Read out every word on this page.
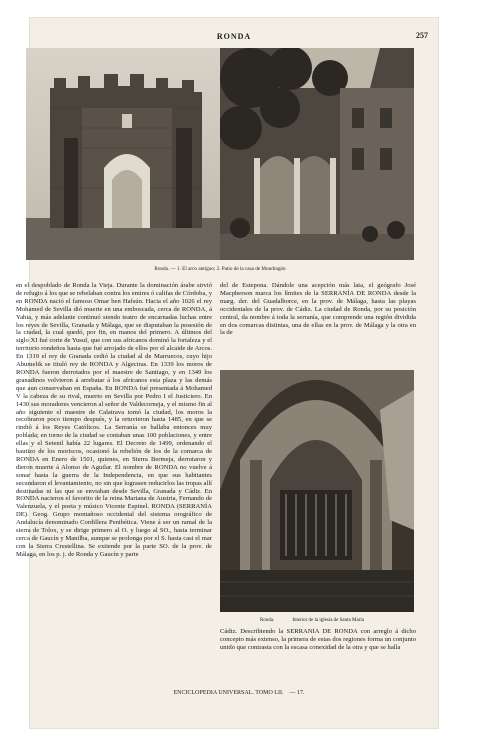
RONDA	257
Ronda. — 1. El arco antiguo; 2. Patio de la casa de Mondragón
Ronda.	Interior de la iglesia de Santa María
en el despoblado de Ronda la Vieja. Durante la dominación árabe sirvió de refugio á los que se rebelaban contra los emires ó califas de Córdoba, y en RONDA nació el famoso Omar ben Hafsún. Hacia el año 1026 el rey Mohamed de Sevilla dió muerte en una emboscada, cerca de RONDA, á Yahia, y más adelante continuó siendo teatro de encarnadas luchas entre los reyes de Sevilla, Granada y Málaga, que se disputaban la posesión de la ciudad, la cual quedó, por fin, en manos del primero. A últimos del siglo XI fué corte de Yusuf, que con sus africanos dominó la fortaleza y el territorio rondeños hasta que fué arrojado de ellos por el alcaide de Arcos. En 1319 el rey de Granada cedió la ciudad al de Marruecos, cuyo hijo Abumelik se tituló rey de RONDA y Algeciras. En 1339 los moros de RONDA fueron derrotados por el maestre de Santiago, y en 1349 los granadinos volvieron á arrebatar á los africanos esta plaza y las demás que aun conservaban en España. En RONDA fué presentada á Mohamed V la cabeza de su rival, muerto en Sevilla por Pedro I el Justiciero. En 1430 sus moradores vencieron al señor de Valdecorneja, y el mismo fin al año siguiente el maestre de Calatrava tomó la ciudad, los moros la recobraron poco tiempo después, y la retuvieron hasta 1485, en que se rindió á los Reyes Católicos. La Serranía se hallaba entonces muy poblada; en torno de la ciudad se contaban unas 100 poblaciones, y entre ellas y el Setenil había 22 lugares. El Decreto de 1499, ordenando el bautizo de los moriscos, ocasionó la rebelión de los de la comarca de RONDA en Enero de 1501, quienes, en Sierra Bermeja, derrotaron y dieron muerte á Alonso de Aguilar. El nombre de RONDA no vuelve á sonar hasta la guerra de la Independencia, en que sus habitantes secundaron el levantamiento, no sin que lograsen reducirlos las tropas allí destinadas ni las que se enviaban desde Sevilla, Granada y Cádiz. En RONDA nacieron el favorito de la reina Mariana de Austria, Fernando de Valenzuela, y el poeta y músico Vicente Espinel. RONDA (SERRANÍA DE). Geog. Grupo montañoso occidental del sistema orográfico de Andalucía denominado Cordillera Penibética. Viene á ser un ramal de la sierra de Tolox, y se dirige primero al O. y luego al SO., hasta terminar cerca de Gaucín y Manilba, aunque se prolonga por el S. hasta casi el mar con la Sierra Crestellina. Se extiende por la parte SO. de la prov. de Málaga, en los p. j. de Ronda y Gaucín y parte
del de Estepona. Dándole una acepción más lata, el geógrafo José Macpherson marca los límites de la SERRANÍA DE RONDA desde la marg. der. del Guadalhorce, en la prov. de Málaga, hasta las playas occidentales de la prov. de Cádiz. La ciudad de Ronda, por su posición central, da nombre á toda la serranía, que comprende una región dividida en dos comarcas distintas, una de ellas en la prov. de Málaga y la otra en la de
Cádiz. Describiendo la SERRANÍA DE RONDA con arreglo á dicho concepto más extenso, la primera de estas dos regiones forma un conjunto unido que contrasta con la escasa conexidad de la otra y que se halla
ENCICLOPEDIA UNIVERSAL. TOMO LII. — 17.
